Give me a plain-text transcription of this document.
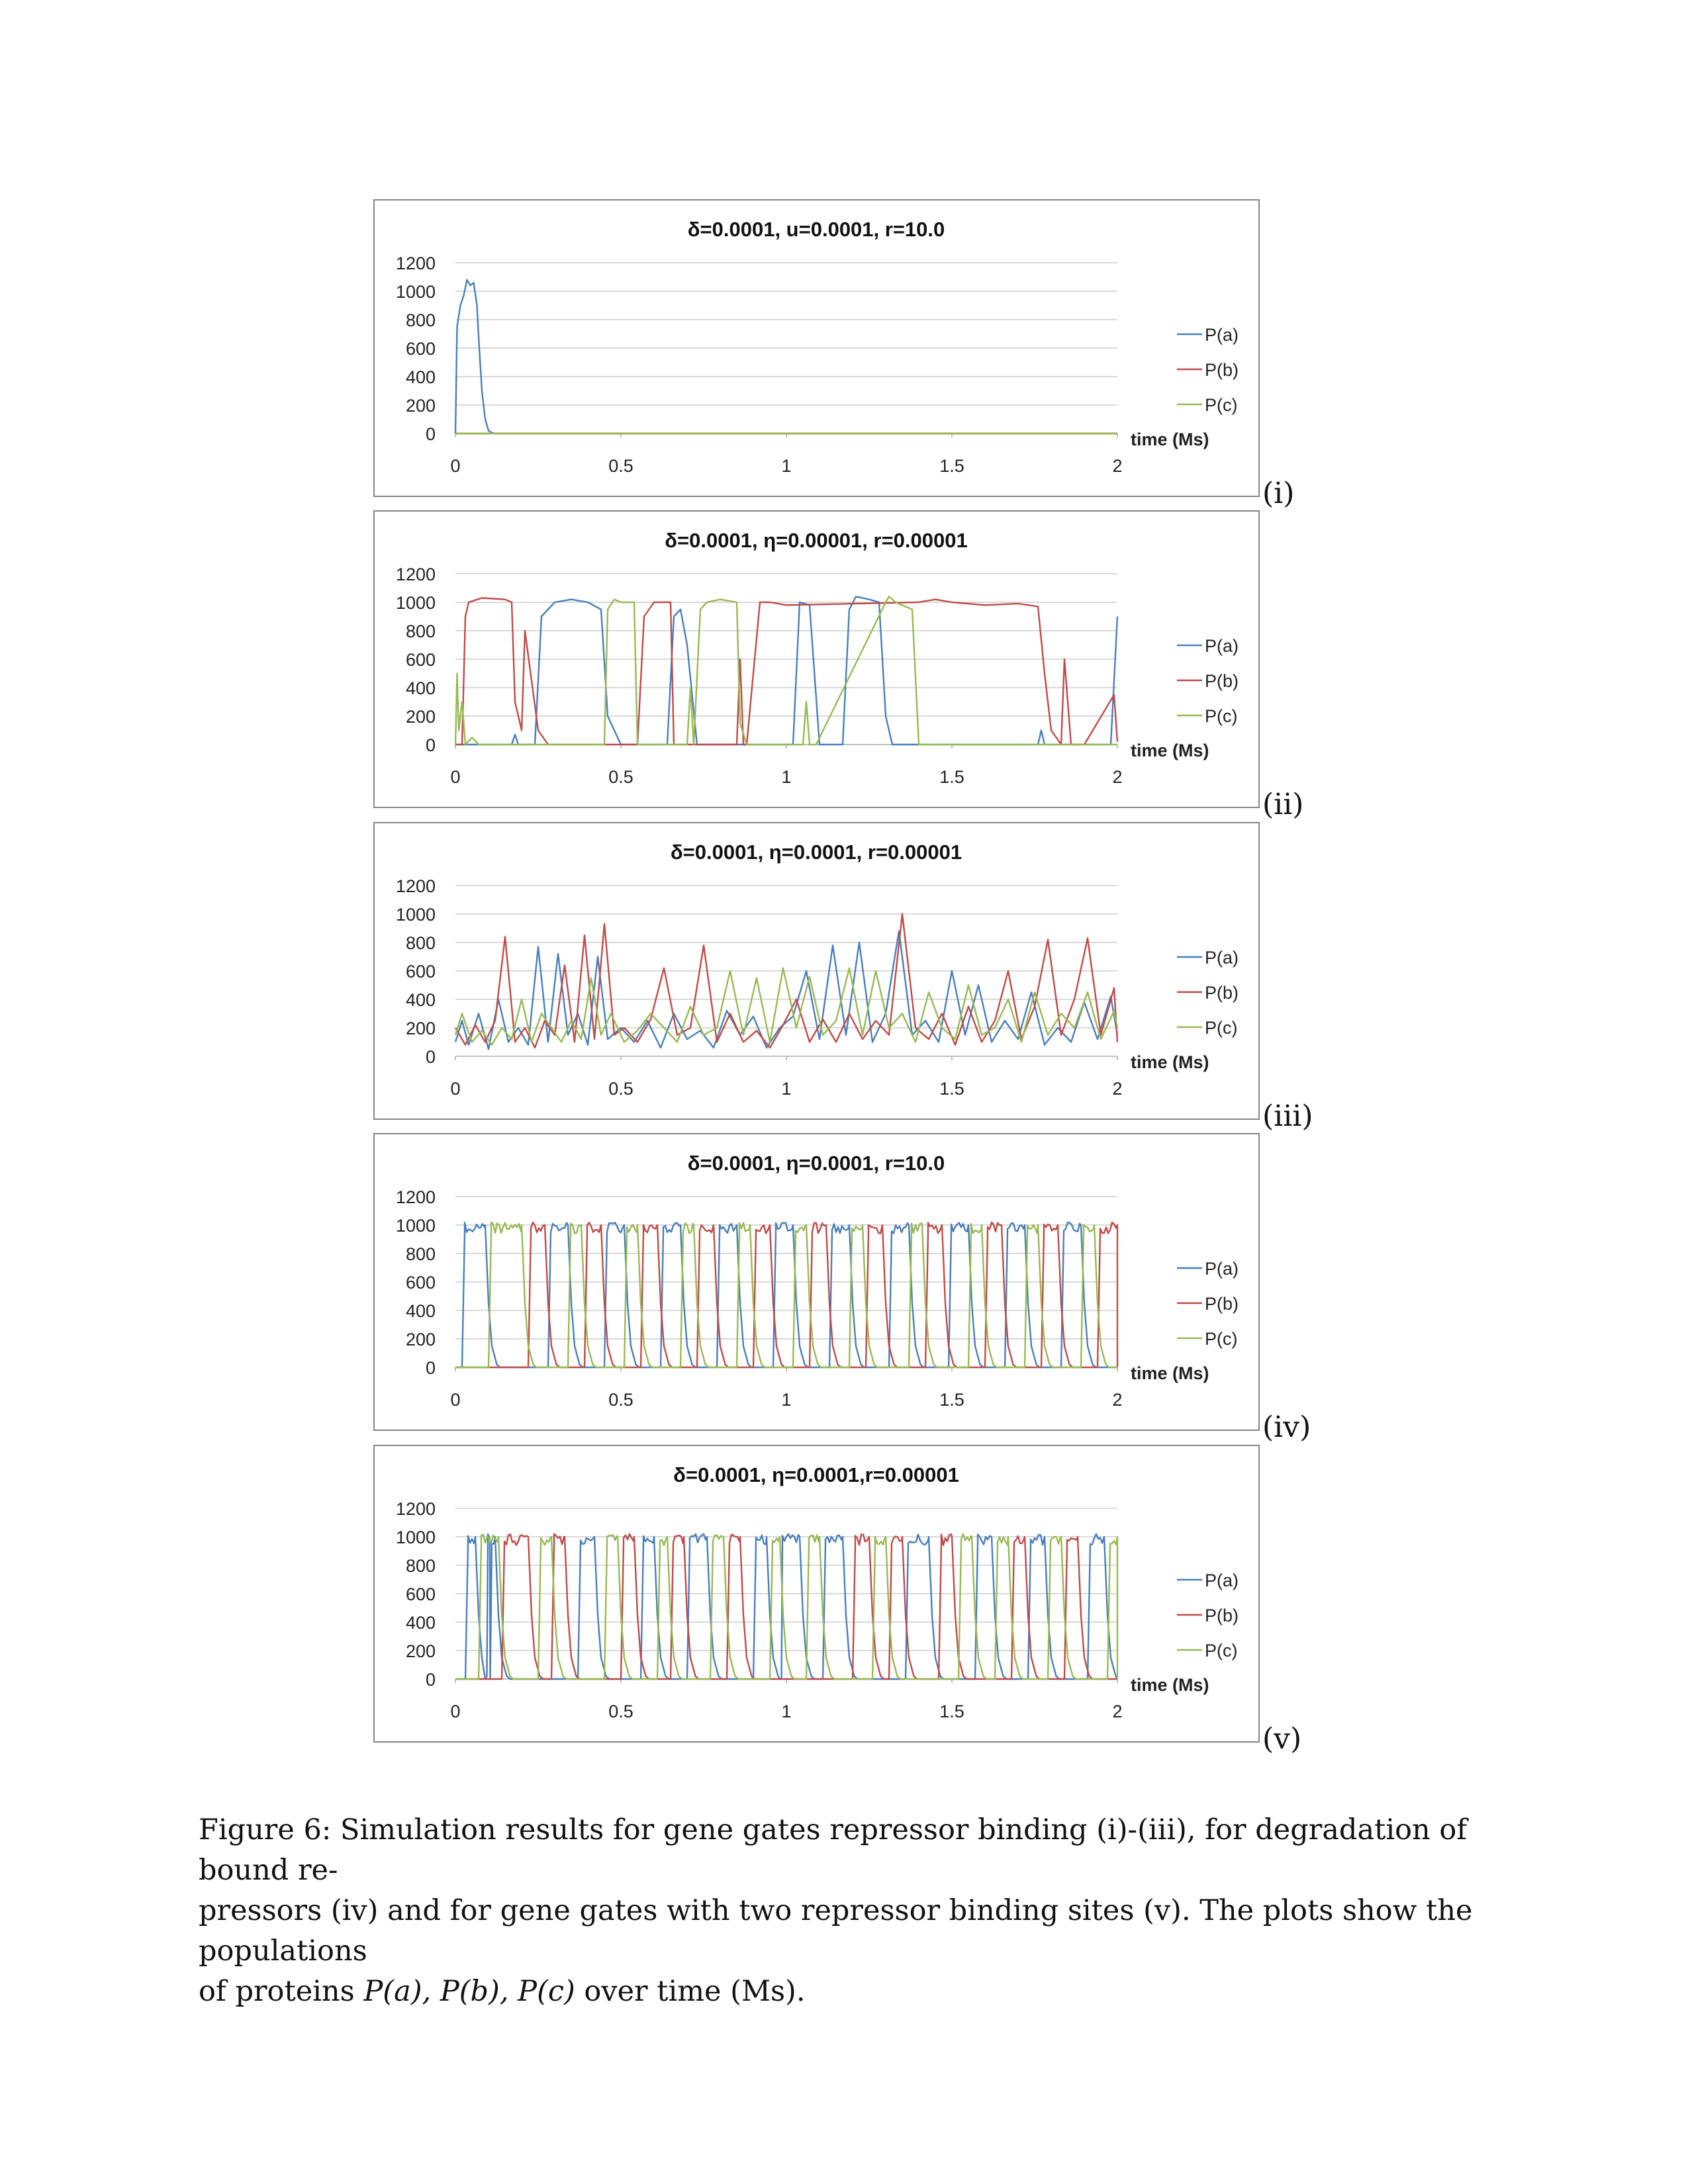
δ=0.0001, u=0.0001, r=10.0
0
200
400
600
800
1000
1200
0	0.5	1	1.5	2
time (Ms)
P(a)
P(b)
P(c)
(i)
δ=0.0001, η=0.00001, r=0.00001
0
200
400
600
800
1000
1200
0	0.5	1	1.5	2
time (Ms)
P(a)
P(b)
P(c)
(ii)
δ=0.0001, η=0.0001, r=0.00001
0
200
400
600
800
1000
1200
0	0.5	1	1.5	2
time (Ms)
P(a)
P(b)
P(c)
(iii)
δ=0.0001, η=0.0001, r=10.0
0
200
400
600
800
1000
1200
0	0.5	1	1.5	2
time (Ms)
P(a)
P(b)
P(c)
(iv)
δ=0.0001, η=0.0001,r=0.00001
0
200
400
600
800
1000
1200
0	0.5	1	1.5	2
time (Ms)
P(a)
P(b)
P(c)
(v)
Figure 6: Simulation results for gene gates repressor binding (i)-(iii), for degradation of bound re-
pressors (iv) and for gene gates with two repressor binding sites (v). The plots show the populations
of proteins P(a), P(b), P(c) over time (Ms).
